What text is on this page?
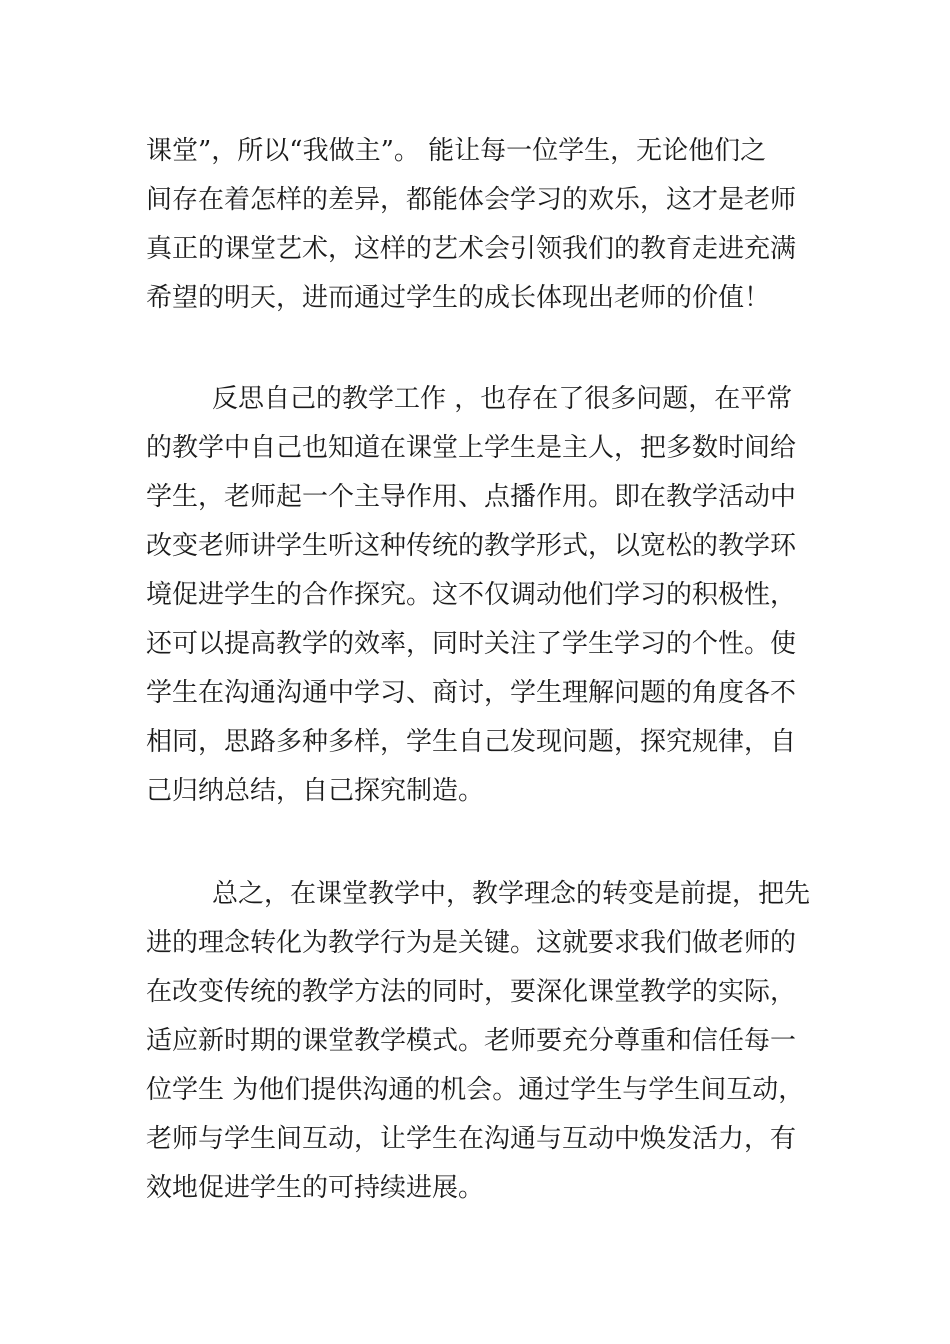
课堂”，所以“我做主”。 能让每一位学生，无论他们之
间存在着怎样的差异，都能体会学习的欢乐，这才是老师
真正的课堂艺术，这样的艺术会引领我们的教育走进充满
希望的明天，进而通过学生的成长体现出老师的价值！
反思自己的教学工作 ，也存在了很多问题，在平常
的教学中自己也知道在课堂上学生是主人，把多数时间给
学生，老师起一个主导作用、点播作用。即在教学活动中
改变老师讲学生听这种传统的教学形式，以宽松的教学环
境促进学生的合作探究。这不仅调动他们学习的积极性，
还可以提高教学的效率，同时关注了学生学习的个性。使
学生在沟通沟通中学习、商讨，学生理解问题的角度各不
相同，思路多种多样，学生自己发现问题，探究规律，自
己归纳总结，自己探究制造。
总之，在课堂教学中，教学理念的转变是前提，把先
进的理念转化为教学行为是关键。这就要求我们做老师的
在改变传统的教学方法的同时，要深化课堂教学的实际，
适应新时期的课堂教学模式。老师要充分尊重和信任每一
位学生 为他们提供沟通的机会。通过学生与学生间互动，
老师与学生间互动，让学生在沟通与互动中焕发活力，有
效地促进学生的可持续进展。
